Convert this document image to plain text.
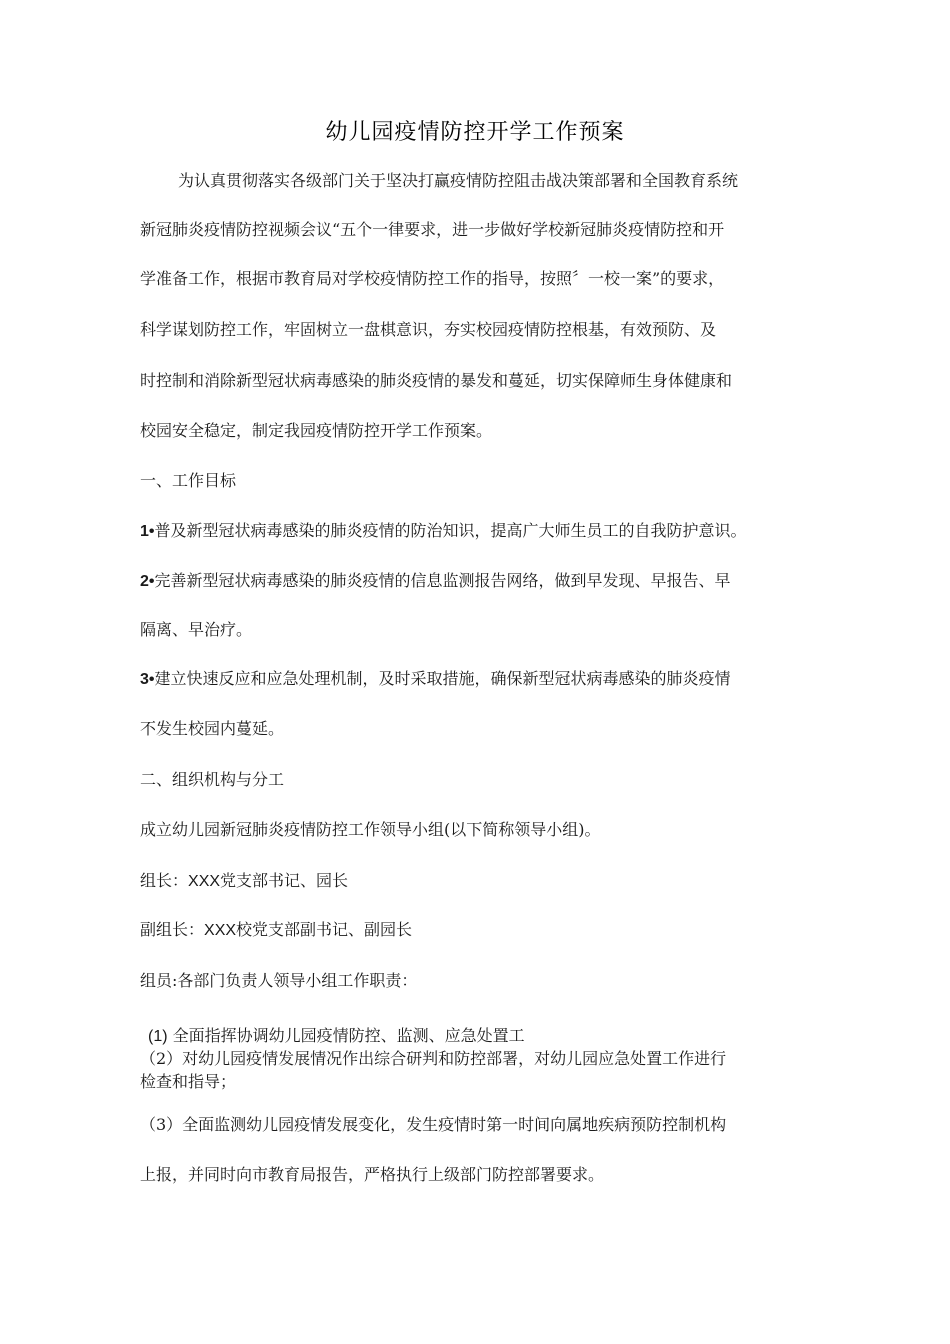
幼儿园疫情防控开学工作预案
为认真贯彻落实各级部门关于坚决打赢疫情防控阻击战决策部署和全国教育系统
新冠肺炎疫情防控视频会议“五个一律要求，进一步做好学校新冠肺炎疫情防控和开
学准备工作，根据市教育局对学校疫情防控工作的指导，按照〞一校一案”的要求，
科学谋划防控工作，牢固树立一盘棋意识，夯实校园疫情防控根基，有效预防、及
时控制和消除新型冠状病毒感染的肺炎疫情的暴发和蔓延，切实保障师生身体健康和
校园安全稳定，制定我园疫情防控开学工作预案。
一、工作目标
1•普及新型冠状病毒感染的肺炎疫情的防治知识，提高广大师生员工的自我防护意识。
2•完善新型冠状病毒感染的肺炎疫情的信息监测报告网络，做到早发现、早报告、早
隔离、早治疗。
3•建立快速反应和应急处理机制，及时采取措施，确保新型冠状病毒感染的肺炎疫情
不发生校园内蔓延。
二、组织机构与分工
成立幼儿园新冠肺炎疫情防控工作领导小组(以下简称领导小组)。
组长：XXX党支部书记、园长
副组长：XXX校党支部副书记、副园长
组员:各部门负责人领导小组工作职责：
(1) 全面指挥协调幼儿园疫情防控、监测、应急处置工
（2）对幼儿园疫情发展情况作出综合研判和防控部署，对幼儿园应急处置工作进行
检查和指导；
（3）全面监测幼儿园疫情发展变化，发生疫情时第一时间向属地疾病预防控制机构
上报，并同时向市教育局报告，严格执行上级部门防控部署要求。
